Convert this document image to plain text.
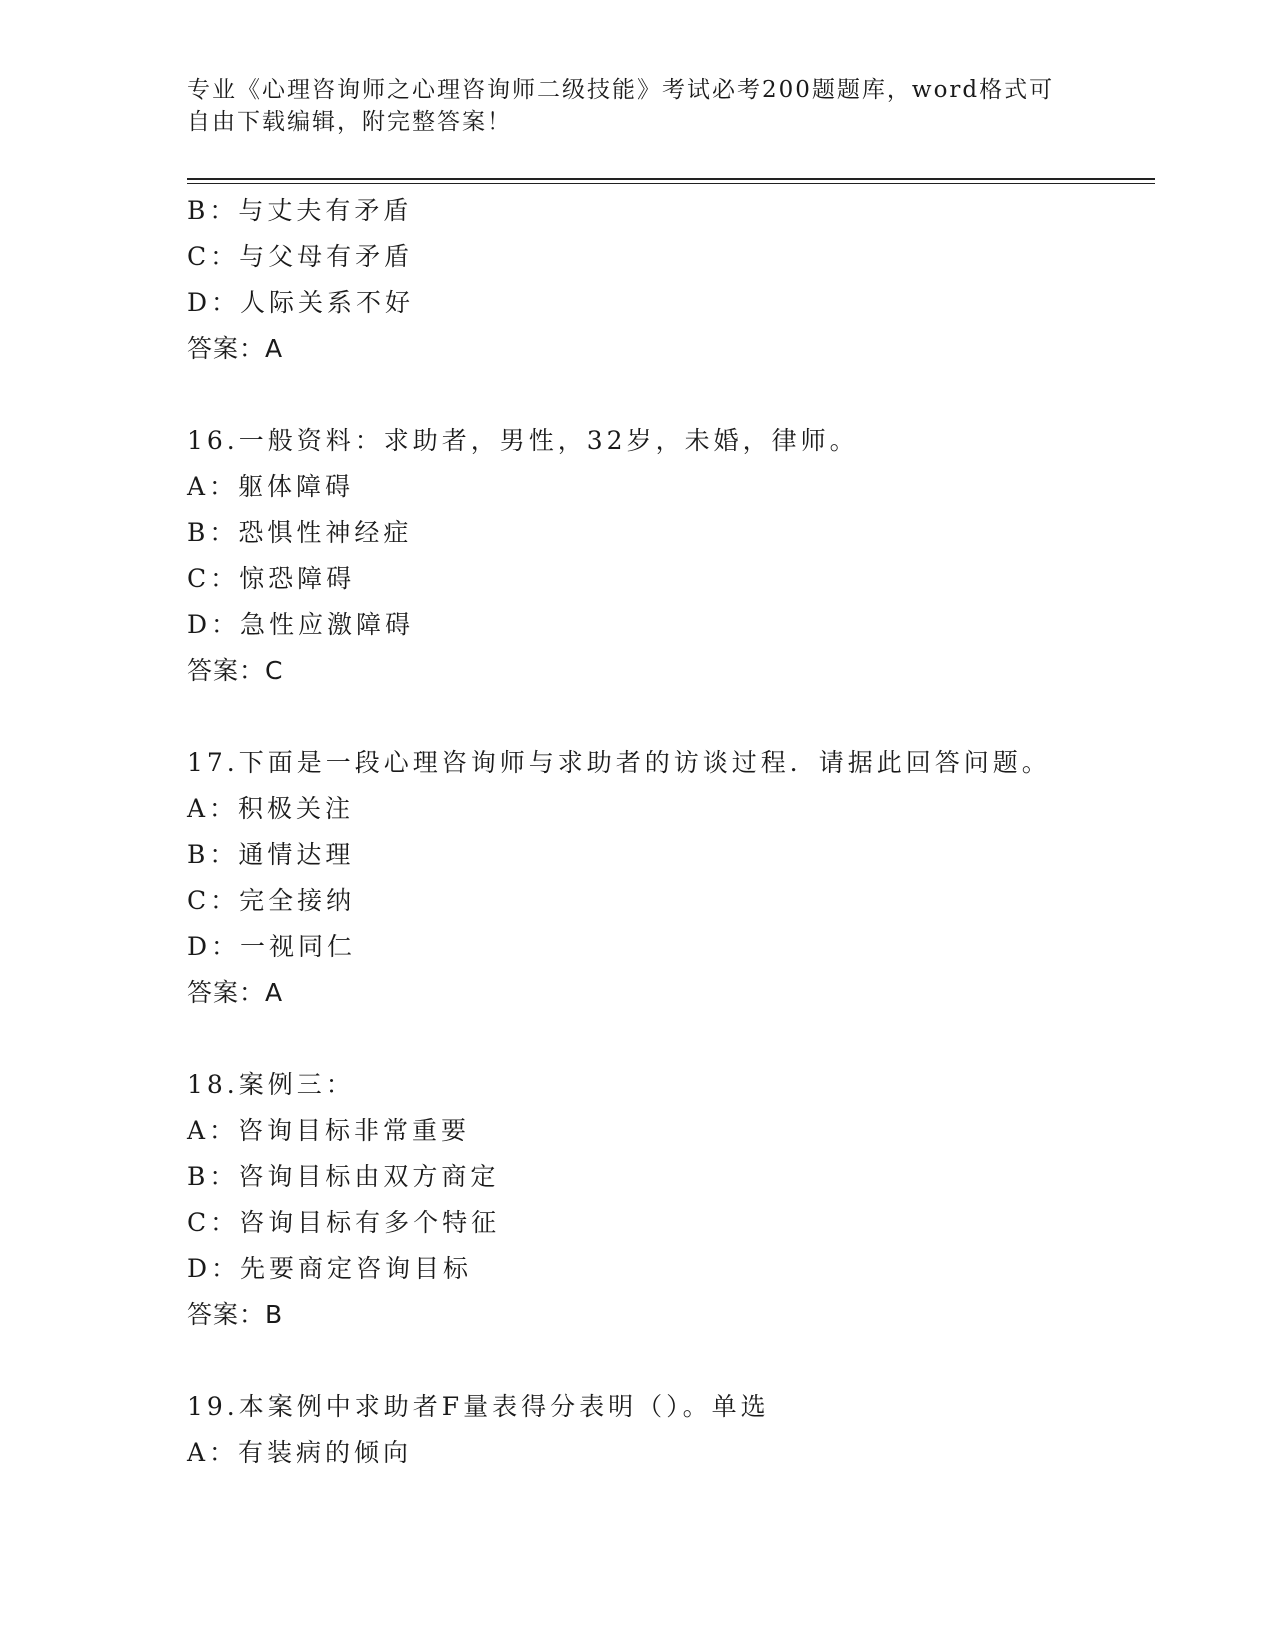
专业《心理咨询师之心理咨询师二级技能》考试必考200题题库，word格式可自由下载编辑，附完整答案！
B：与丈夫有矛盾
C：与父母有矛盾
D：人际关系不好
答案：A
16.一般资料：求助者，男性，32岁，未婚，律师。
A：躯体障碍
B：恐惧性神经症
C：惊恐障碍
D：急性应激障碍
答案：C
17.下面是一段心理咨询师与求助者的访谈过程．请据此回答问题。
A：积极关注
B：通情达理
C：完全接纳
D：一视同仁
答案：A
18.案例三：
A：咨询目标非常重要
B：咨询目标由双方商定
C：咨询目标有多个特征
D：先要商定咨询目标
答案：B
19.本案例中求助者F量表得分表明（）。单选
A：有装病的倾向
